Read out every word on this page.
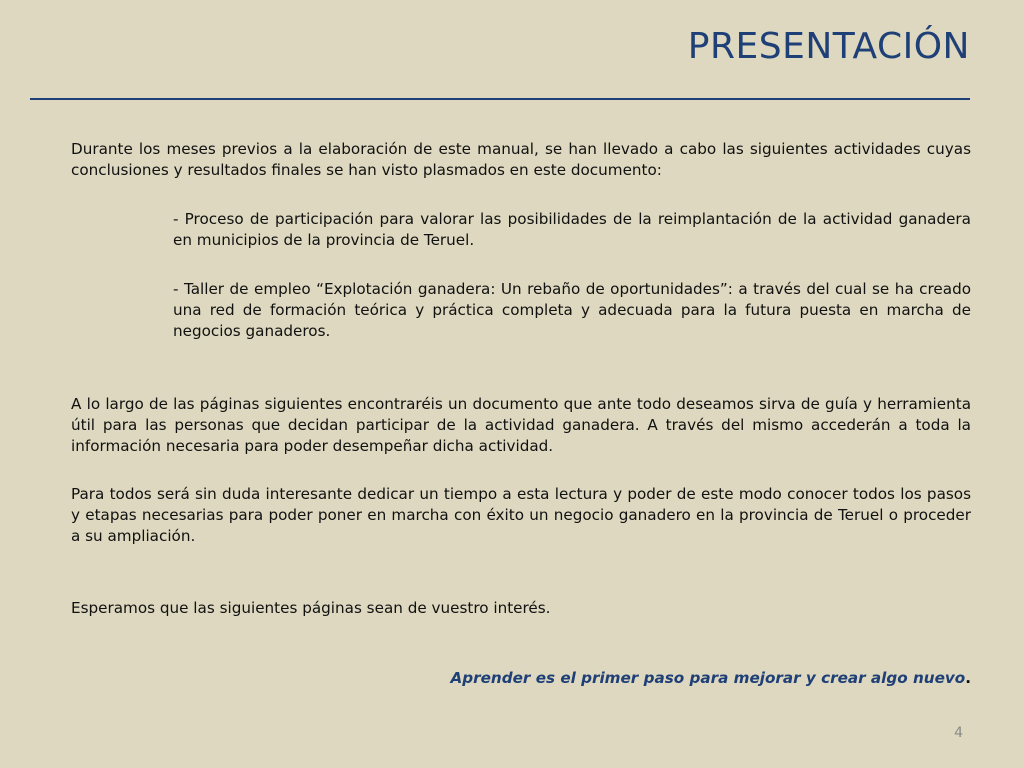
PRESENTACIÓN

Durante los meses previos a la elaboración de este manual, se han llevado a cabo las siguientes actividades cuyas conclusiones y resultados finales se han visto plasmados en este documento:

- Proceso de participación para valorar las posibilidades de la reimplantación de la actividad ganadera en municipios de la provincia de Teruel.

- Taller de empleo “Explotación ganadera: Un rebaño de oportunidades”: a través del cual se ha creado una red de formación teórica y práctica completa y adecuada para la futura puesta en marcha de negocios ganaderos.

A lo largo de las páginas siguientes encontraréis un documento que ante todo deseamos sirva de guía y herramienta útil para las personas que decidan participar de la actividad ganadera. A través del mismo accederán a toda la información necesaria para poder desempeñar dicha actividad.

Para todos será sin duda interesante dedicar un tiempo a esta lectura y poder de este modo conocer todos los pasos y etapas necesarias para poder poner en marcha con éxito un negocio ganadero en la provincia de Teruel o proceder a su ampliación.

Esperamos que las siguientes páginas sean de vuestro interés.

Aprender es el primer paso para mejorar y crear algo nuevo.

4
